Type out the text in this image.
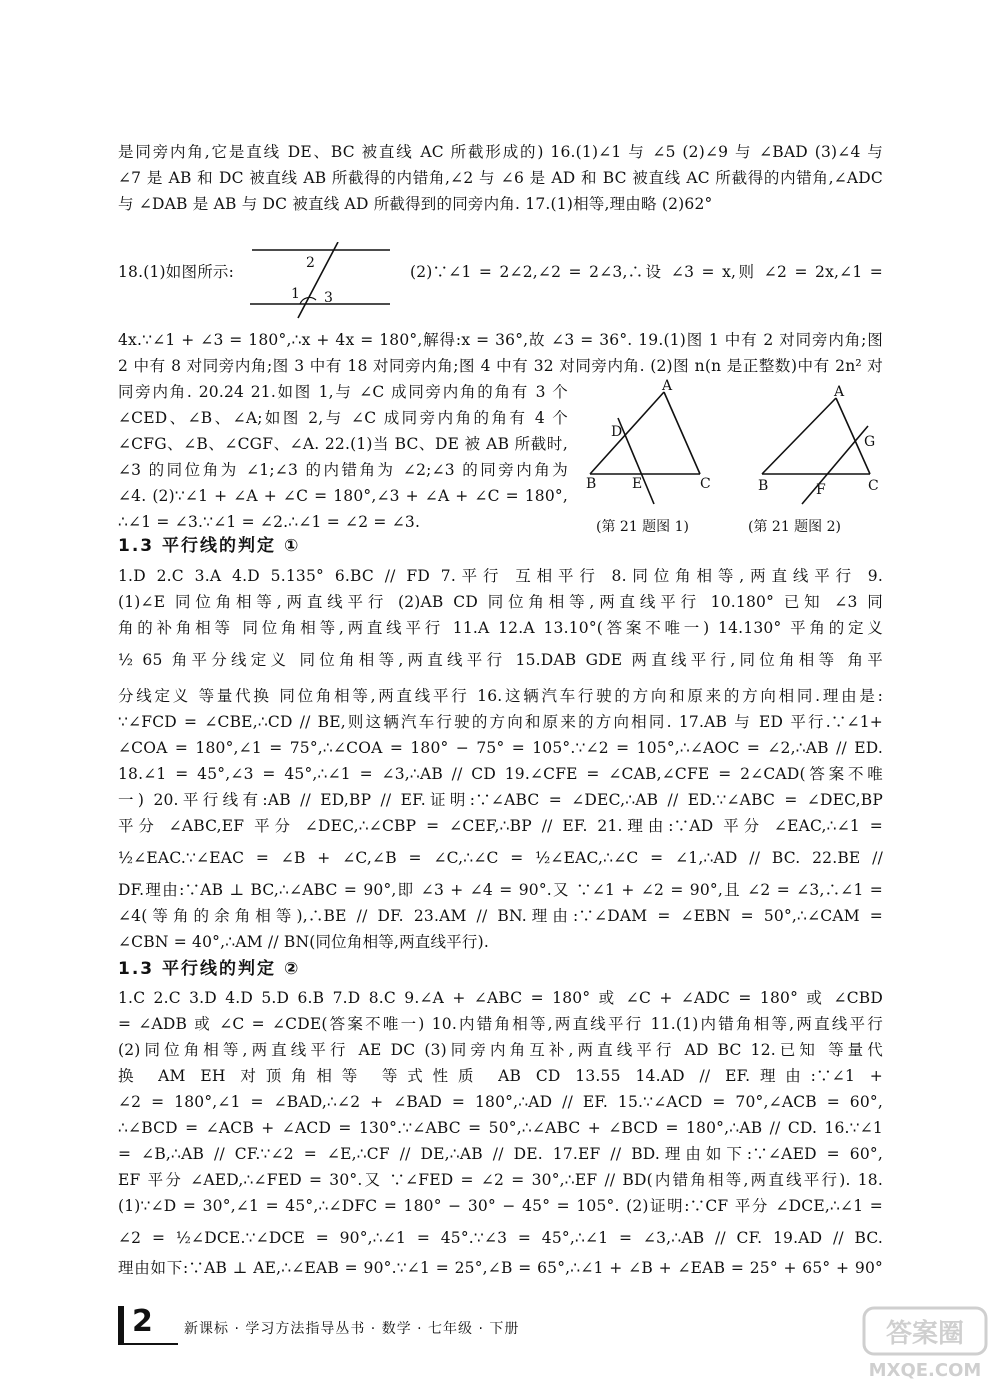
是同旁内角,它是直线 DE、BC 被直线 AC 所截形成的) 16.(1)∠1 与 ∠5 (2)∠9 与 ∠BAD (3)∠4 与
∠7 是 AB 和 DC 被直线 AB 所截得的内错角,∠2 与 ∠6 是 AD 和 BC 被直线 AC 所截得的内错角,∠ADC
与 ∠DAB 是 AB 与 DC 被直线 AD 所截得到的同旁内角. 17.(1)相等,理由略 (2)62°
18.(1)如图所示:	2
1 3
(2)∵∠1 = 2∠2,∠2 = 2∠3,∴设 ∠3 = x,则 ∠2 = 2x,∠1 =
4x.∵∠1 + ∠3 = 180°,∴x + 4x = 180°,解得:x = 36°,故 ∠3 = 36°. 19.(1)图 1 中有 2 对同旁内角;图
2 中有 8 对同旁内角;图 3 中有 18 对同旁内角;图 4 中有 32 对同旁内角. (2)图 n(n 是正整数)中有 2n² 对
同旁内角. 20.24 21.如图 1,与 ∠C 成同旁内角的角有 3 个
∠CED、∠B、∠A;如图 2,与 ∠C 成同旁内角的角有 4 个
∠CFG、∠B、∠CGF、∠A. 22.(1)当 BC、DE 被 AB 所截时,
∠3 的同位角为 ∠1;∠3 的内错角为 ∠2;∠3 的同旁内角为
∠4. (2)∵∠1 + ∠A + ∠C = 180°,∠3 + ∠A + ∠C = 180°,
∴∠1 = ∠3.∵∠1 = ∠2.∴∠1 = ∠2 = ∠3.
A
D
B	E	C
(第 21 题图 1)
A
G
B	F	C
(第 21 题图 2)
1.3 平行线的判定 ①
1.D 2.C 3.A 4.D 5.135° 6.BC // FD 7.平行 互相平行 8.同位角相等,两直线平行 9.
(1)∠E 同位角相等,两直线平行 (2)AB CD 同位角相等,两直线平行 10.180° 已知 ∠3 同
角的补角相等 同位角相等,两直线平行 11.A 12.A 13.10°(答案不唯一) 14.130° 平角的定义
½ 65 角平分线定义 同位角相等,两直线平行 15.DAB GDE 两直线平行,同位角相等 角平
分线定义 等量代换 同位角相等,两直线平行 16.这辆汽车行驶的方向和原来的方向相同.理由是:
∵∠FCD = ∠CBE,∴CD // BE,则这辆汽车行驶的方向和原来的方向相同. 17.AB 与 ED 平行.∵∠1+
∠COA = 180°,∠1 = 75°,∴∠COA = 180° − 75° = 105°.∵∠2 = 105°,∴∠AOC = ∠2,∴AB // ED.
18.∠1 = 45°,∠3 = 45°,∴∠1 = ∠3,∴AB // CD 19.∠CFE = ∠CAB,∠CFE = 2∠CAD(答案不唯
一) 20.平行线有:AB // ED,BP // EF.证明:∵∠ABC = ∠DEC,∴AB // ED.∵∠ABC = ∠DEC,BP
平分 ∠ABC,EF 平分 ∠DEC,∴∠CBP = ∠CEF,∴BP // EF. 21.理由:∵AD 平分 ∠EAC,∴∠1 =
½∠EAC.∵∠EAC = ∠B + ∠C,∠B = ∠C,∴∠C = ½∠EAC,∴∠C = ∠1,∴AD // BC. 22.BE //
DF.理由:∵AB ⊥ BC,∴∠ABC = 90°,即 ∠3 + ∠4 = 90°.又 ∵∠1 + ∠2 = 90°,且 ∠2 = ∠3,∴∠1 =
∠4(等角的余角相等),∴BE // DF. 23.AM // BN.理由:∵∠DAM = ∠EBN = 50°,∴∠CAM =
∠CBN = 40°,∴AM // BN(同位角相等,两直线平行).
1.3 平行线的判定 ②
1.C 2.C 3.D 4.D 5.D 6.B 7.D 8.C 9.∠A + ∠ABC = 180° 或 ∠C + ∠ADC = 180° 或 ∠CBD
= ∠ADB 或 ∠C = ∠CDE(答案不唯一) 10.内错角相等,两直线平行 11.(1)内错角相等,两直线平行
(2)同位角相等,两直线平行 AE DC (3)同旁内角互补,两直线平行 AD BC 12.已知 等量代
换 AM EH 对顶角相等 等式性质 AB CD 13.55 14.AD // EF.理由:∵∠1 +
∠2 = 180°,∠1 = ∠BAD,∴∠2 + ∠BAD = 180°,∴AD // EF. 15.∵∠ACD = 70°,∠ACB = 60°,
∴∠BCD = ∠ACB + ∠ACD = 130°.∵∠ABC = 50°,∴∠ABC + ∠BCD = 180°,∴AB // CD. 16.∵∠1
= ∠B,∴AB // CF.∵∠2 = ∠E,∴CF // DE,∴AB // DE. 17.EF // BD.理由如下:∵∠AED = 60°,
EF 平分 ∠AED,∴∠FED = 30°.又 ∵∠FED = ∠2 = 30°,∴EF // BD(内错角相等,两直线平行). 18.
(1)∵∠D = 30°,∠1 = 45°,∴∠DFC = 180° − 30° − 45° = 105°. (2)证明:∵CF 平分 ∠DCE,∴∠1 =
∠2 = ½∠DCE.∵∠DCE = 90°,∴∠1 = 45°.∵∠3 = 45°,∴∠1 = ∠3,∴AB // CF. 19.AD // BC.
理由如下:∵AB ⊥ AE,∴∠EAB = 90°.∵∠1 = 25°,∠B = 65°,∴∠1 + ∠B + ∠EAB = 25° + 65° + 90°
2 新课标 · 学习方法指导丛书 · 数学 · 七年级 · 下册	答案圈
MXQE.COM
